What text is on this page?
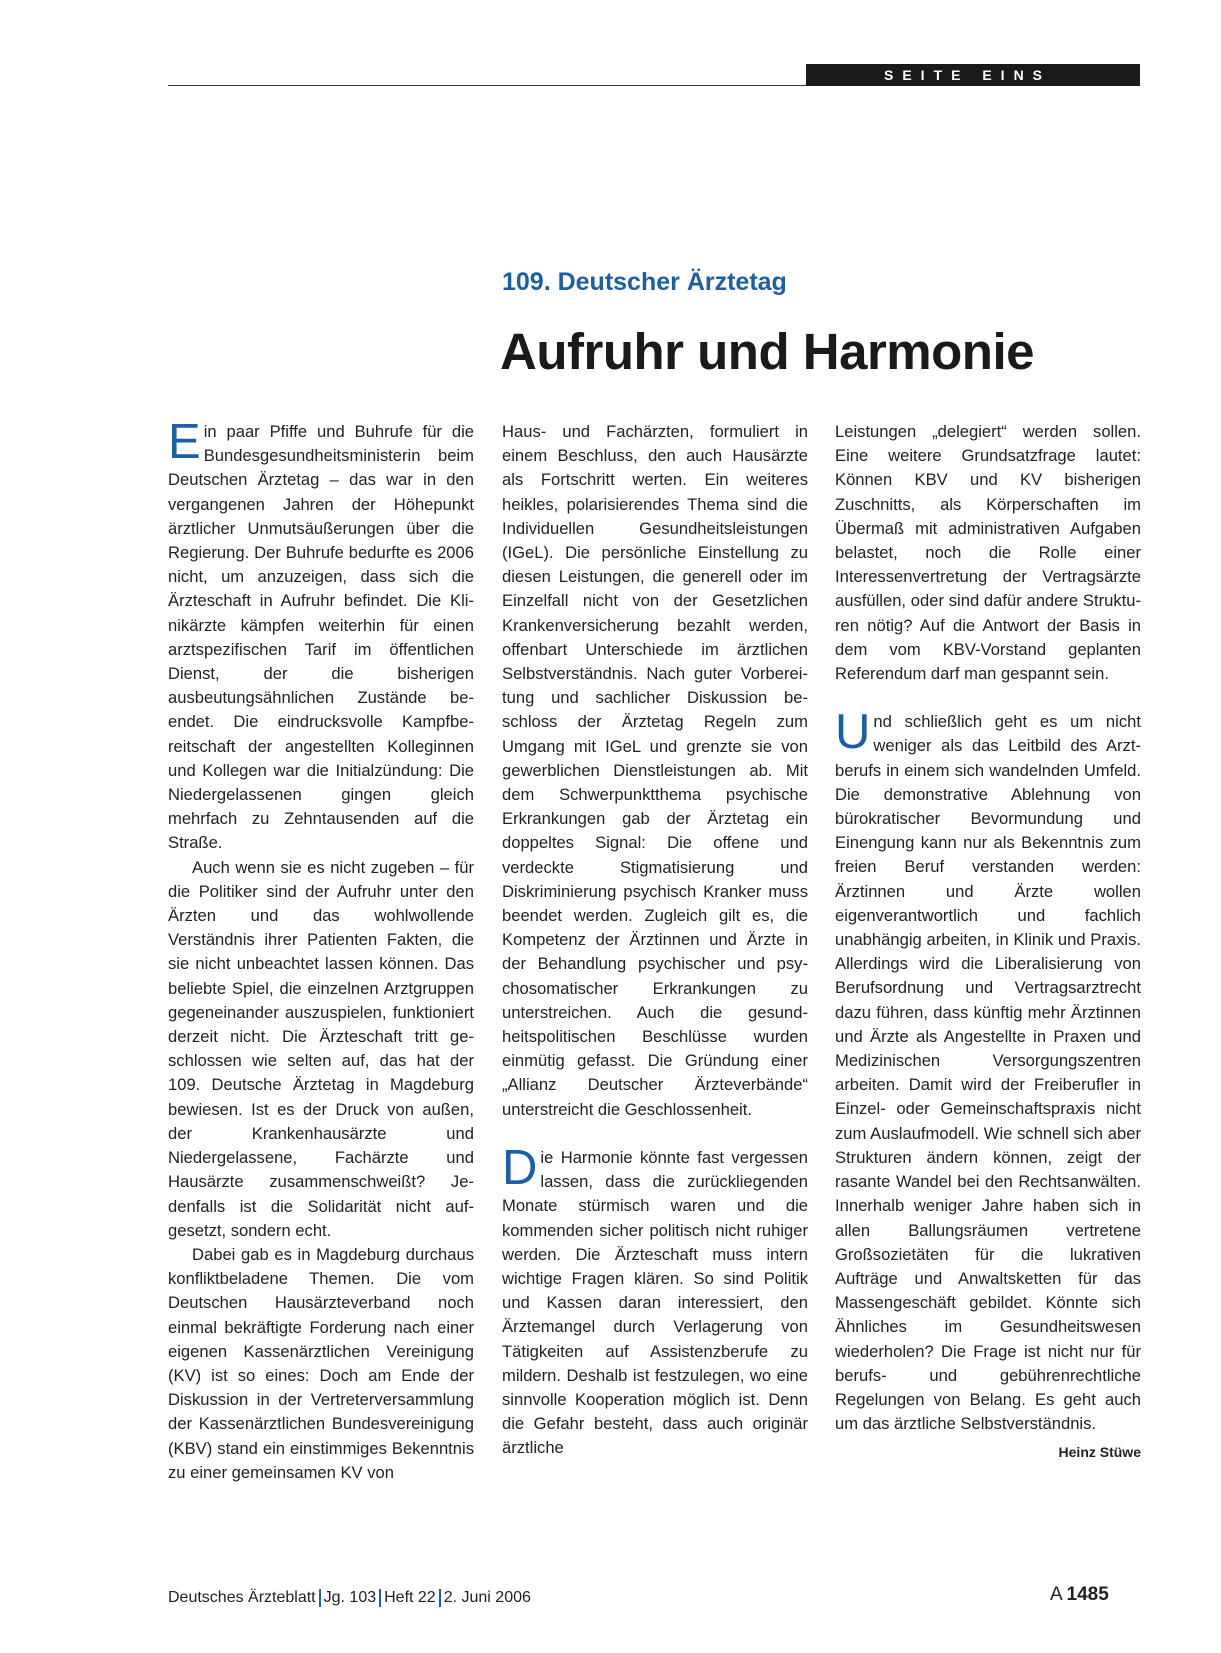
SEITE EINS
109. Deutscher Ärztetag
Aufruhr und Harmonie

Ein paar Pfiffe und Buhrufe für die Bundesgesundheitsministerin beim Deutschen Ärztetag – das war in den vergangenen Jahren der Höhepunkt ärztlicher Unmutsäußerungen über die Regierung. Der Buhrufe bedurfte es 2006 nicht, um anzuzeigen, dass sich die Ärzteschaft in Aufruhr befindet. Die Klinikärzte kämpfen weiterhin für einen arztspezifischen Tarif im öffentlichen Dienst, der die bisherigen ausbeutungsähnlichen Zustände beendet. Die eindrucksvolle Kampfbereitschaft der angestellten Kolleginnen und Kollegen war die Initialzündung: Die Niedergelassenen gingen gleich mehrfach zu Zehntausenden auf die Straße.

Auch wenn sie es nicht zugeben – für die Politiker sind der Aufruhr unter den Ärzten und das wohlwollende Verständnis ihrer Patienten Fakten, die sie nicht unbeachtet lassen können. Das beliebte Spiel, die einzelnen Arztgruppen gegeneinander auszuspielen, funktioniert derzeit nicht. Die Ärzteschaft tritt geschlossen wie selten auf, das hat der 109. Deutsche Ärztetag in Magdeburg bewiesen. Ist es der Druck von außen, der Krankenhausärzte und Niedergelassene, Fachärzte und Hausärzte zusammenschweißt? Jedenfalls ist die Solidarität nicht aufgesetzt, sondern echt.

Dabei gab es in Magdeburg durchaus konfliktbeladene Themen. Die vom Deutschen Hausärzteverband noch einmal bekräftigte Forderung nach einer eigenen Kassenärztlichen Vereinigung (KV) ist so eines: Doch am Ende der Diskussion in der Vertreterversammlung der Kassenärztlichen Bundesvereinigung (KBV) stand ein einstimmiges Bekenntnis zu einer gemeinsamen KV von

Haus- und Fachärzten, formuliert in einem Beschluss, den auch Hausärzte als Fortschritt werten. Ein weiteres heikles, polarisierendes Thema sind die Individuellen Gesundheitsleistungen (IGeL). Die persönliche Einstellung zu diesen Leistungen, die generell oder im Einzelfall nicht von der Gesetzlichen Krankenversicherung bezahlt werden, offenbart Unterschiede im ärztlichen Selbstverständnis. Nach guter Vorbereitung und sachlicher Diskussion beschloss der Ärztetag Regeln zum Umgang mit IGeL und grenzte sie von gewerblichen Dienstleistungen ab. Mit dem Schwerpunktthema psychische Erkrankungen gab der Ärztetag ein doppeltes Signal: Die offene und verdeckte Stigmatisierung und Diskriminierung psychisch Kranker muss beendet werden. Zugleich gilt es, die Kompetenz der Ärztinnen und Ärzte in der Behandlung psychischer und psychosomatischer Erkrankungen zu unterstreichen. Auch die gesundheitspolitischen Beschlüsse wurden einmütig gefasst. Die Gründung einer „Allianz Deutscher Ärzteverbände“ unterstreicht die Geschlossenheit.

Die Harmonie könnte fast vergessen lassen, dass die zurückliegenden Monate stürmisch waren und die kommenden sicher politisch nicht ruhiger werden. Die Ärzteschaft muss intern wichtige Fragen klären. So sind Politik und Kassen daran interessiert, den Ärztemangel durch Verlagerung von Tätigkeiten auf Assistenzberufe zu mildern. Deshalb ist festzulegen, wo eine sinnvolle Kooperation möglich ist. Denn die Gefahr besteht, dass auch originär ärztliche

Leistungen „delegiert“ werden sollen. Eine weitere Grundsatzfrage lautet: Können KBV und KV bisherigen Zuschnitts, als Körperschaften im Übermaß mit administrativen Aufgaben belastet, noch die Rolle einer Interessenvertretung der Vertragsärzte ausfüllen, oder sind dafür andere Strukturen nötig? Auf die Antwort der Basis in dem vom KBV-Vorstand geplanten Referendum darf man gespannt sein.

Und schließlich geht es um nicht weniger als das Leitbild des Arztberufs in einem sich wandelnden Umfeld. Die demonstrative Ablehnung von bürokratischer Bevormundung und Einengung kann nur als Bekenntnis zum freien Beruf verstanden werden: Ärztinnen und Ärzte wollen eigenverantwortlich und fachlich unabhängig arbeiten, in Klinik und Praxis. Allerdings wird die Liberalisierung von Berufsordnung und Vertragsarztrecht dazu führen, dass künftig mehr Ärztinnen und Ärzte als Angestellte in Praxen und Medizinischen Versorgungszentren arbeiten. Damit wird der Freiberufler in Einzel- oder Gemeinschaftspraxis nicht zum Auslaufmodell. Wie schnell sich aber Strukturen ändern können, zeigt der rasante Wandel bei den Rechtsanwälten. Innerhalb weniger Jahre haben sich in allen Ballungsräumen vertretene Großsozietäten für die lukrativen Aufträge und Anwaltsketten für das Massengeschäft gebildet. Könnte sich Ähnliches im Gesundheitswesen wiederholen? Die Frage ist nicht nur für berufs- und gebührenrechtliche Regelungen von Belang. Es geht auch um das ärztliche Selbstverständnis.
Heinz Stüwe

Deutsches Ärzteblatt Jg. 103 Heft 22 2. Juni 2006	A  1485
